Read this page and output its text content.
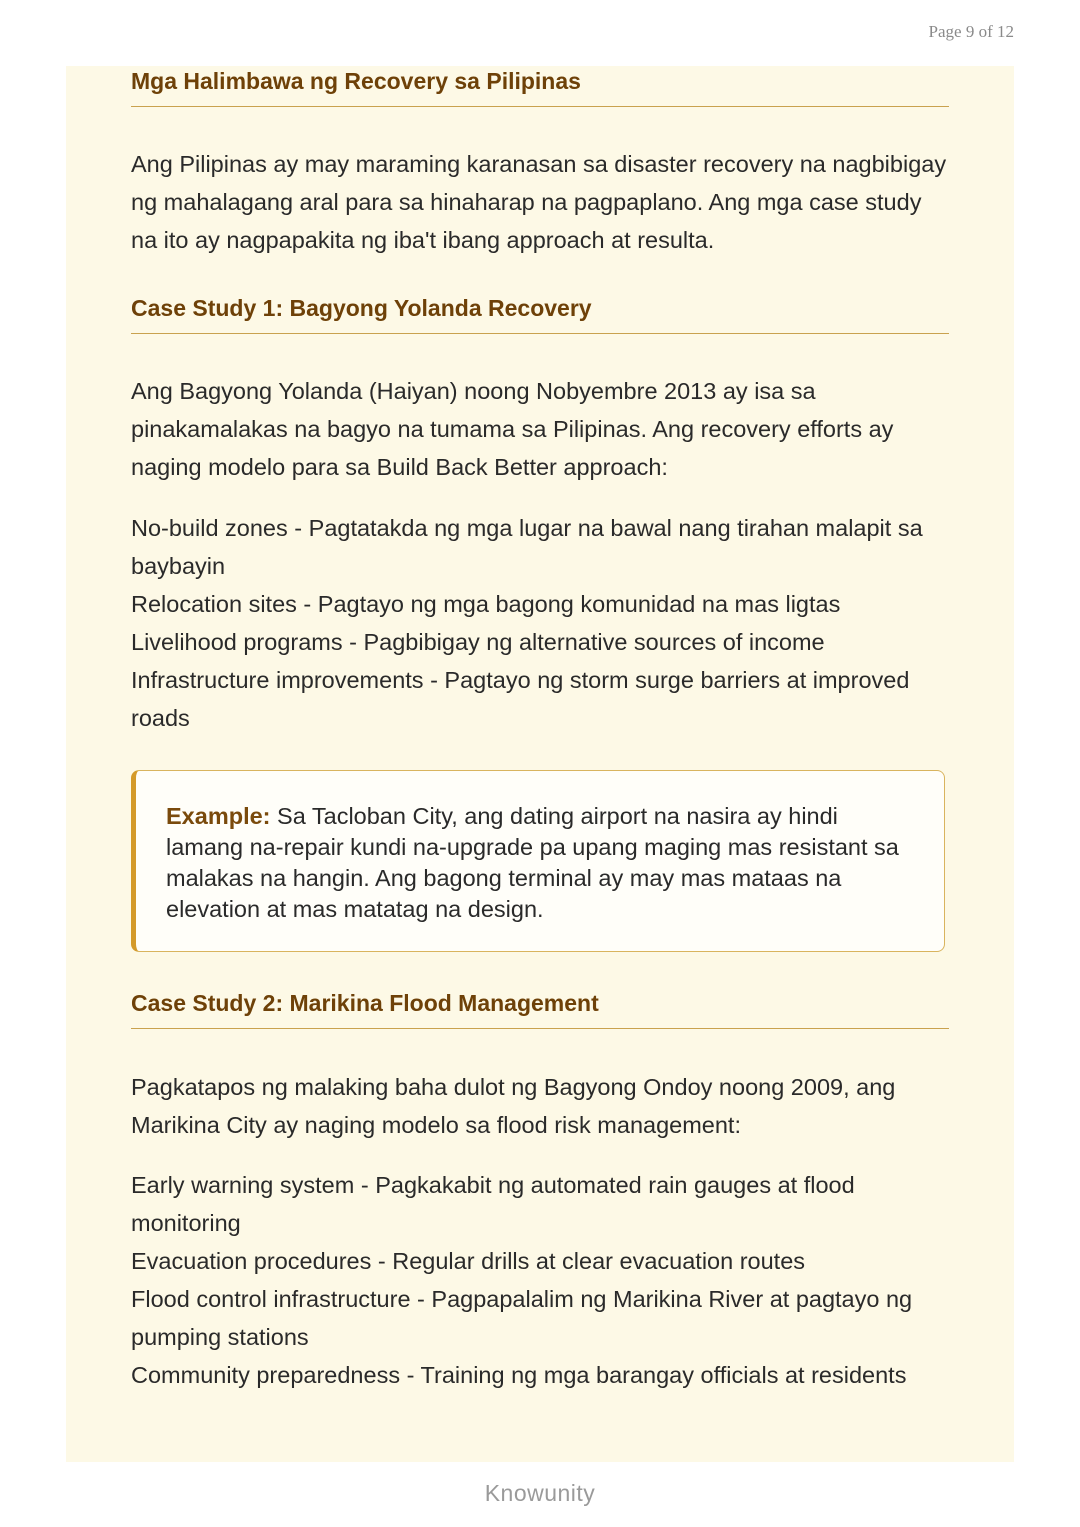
Page 9 of 12
Mga Halimbawa ng Recovery sa Pilipinas

Ang Pilipinas ay may maraming karanasan sa disaster recovery na nagbibigay ng mahalagang aral para sa hinaharap na pagpaplano. Ang mga case study na ito ay nagpapakita ng iba't ibang approach at resulta.

Case Study 1: Bagyong Yolanda Recovery

Ang Bagyong Yolanda (Haiyan) noong Nobyembre 2013 ay isa sa pinakamalakas na bagyo na tumama sa Pilipinas. Ang recovery efforts ay naging modelo para sa Build Back Better approach:

No-build zones - Pagtatakda ng mga lugar na bawal nang tirahan malapit sa baybayin
Relocation sites - Pagtayo ng mga bagong komunidad na mas ligtas
Livelihood programs - Pagbibigay ng alternative sources of income
Infrastructure improvements - Pagtayo ng storm surge barriers at improved roads
Example: Sa Tacloban City, ang dating airport na nasira ay hindi lamang na-repair kundi na-upgrade pa upang maging mas resistant sa malakas na hangin. Ang bagong terminal ay may mas mataas na elevation at mas matatag na design.
Case Study 2: Marikina Flood Management

Pagkatapos ng malaking baha dulot ng Bagyong Ondoy noong 2009, ang Marikina City ay naging modelo sa flood risk management:

Early warning system - Pagkakabit ng automated rain gauges at flood monitoring
Evacuation procedures - Regular drills at clear evacuation routes
Flood control infrastructure - Pagpapalalim ng Marikina River at pagtayo ng pumping stations
Community preparedness - Training ng mga barangay officials at residents
Knowunity
